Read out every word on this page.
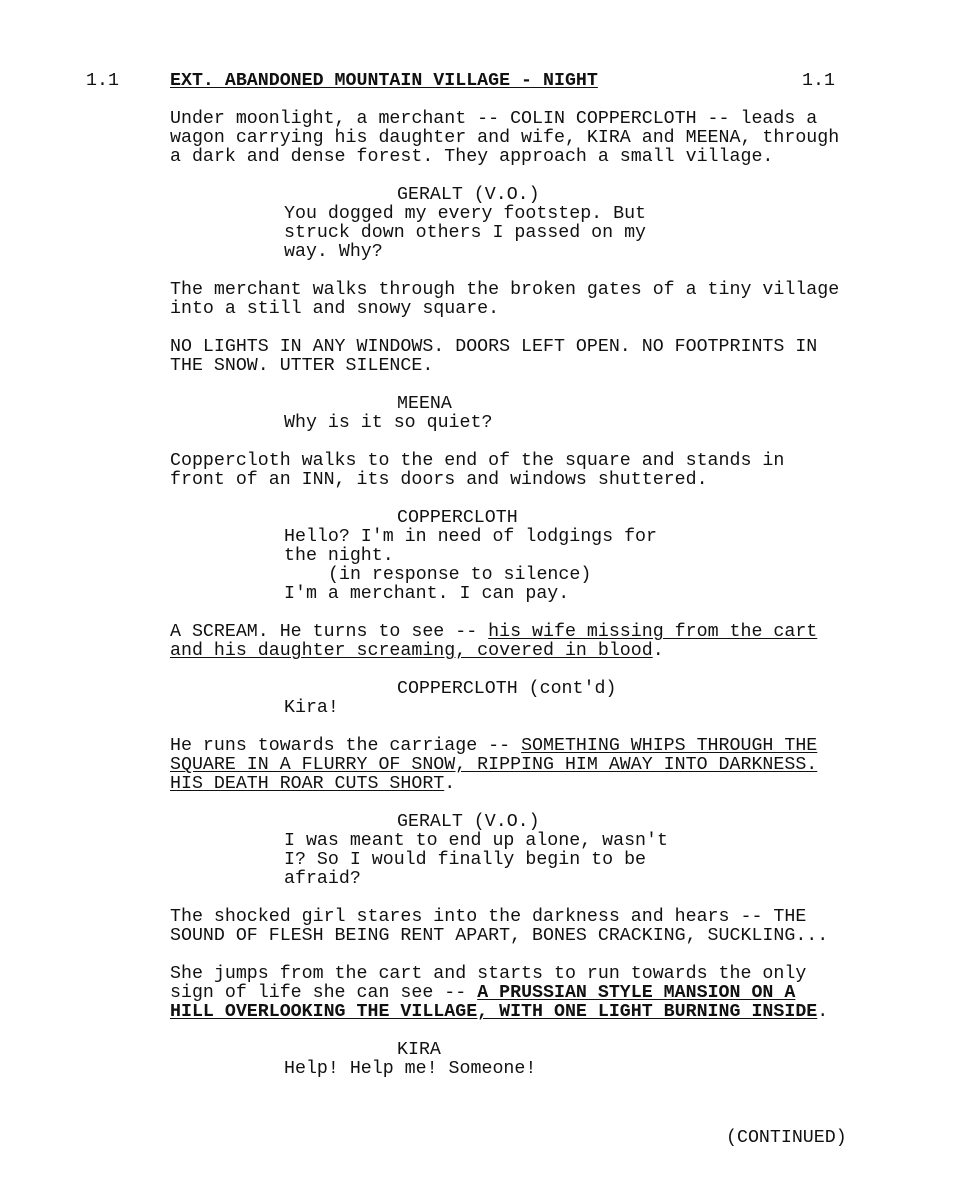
1.1	EXT. ABANDONED MOUNTAIN VILLAGE - NIGHT	1.1
Under moonlight, a merchant -- COLIN COPPERCLOTH -- leads a
wagon carrying his daughter and wife, KIRA and MEENA, through
a dark and dense forest. They approach a small village.
GERALT (V.O.)
You dogged my every footstep. But
struck down others I passed on my
way. Why?
The merchant walks through the broken gates of a tiny village
into a still and snowy square.
NO LIGHTS IN ANY WINDOWS. DOORS LEFT OPEN. NO FOOTPRINTS IN
THE SNOW. UTTER SILENCE.
MEENA
Why is it so quiet?
Coppercloth walks to the end of the square and stands in
front of an INN, its doors and windows shuttered.
COPPERCLOTH
Hello? I'm in need of lodgings for
the night.
(in response to silence)
I'm a merchant. I can pay.
A SCREAM. He turns to see -- his wife missing from the cart
and his daughter screaming, covered in blood.
COPPERCLOTH (cont'd)
Kira!
He runs towards the carriage -- SOMETHING WHIPS THROUGH THE
SQUARE IN A FLURRY OF SNOW, RIPPING HIM AWAY INTO DARKNESS.
HIS DEATH ROAR CUTS SHORT.
GERALT (V.O.)
I was meant to end up alone, wasn't
I? So I would finally begin to be
afraid?
The shocked girl stares into the darkness and hears -- THE
SOUND OF FLESH BEING RENT APART, BONES CRACKING, SUCKLING...
She jumps from the cart and starts to run towards the only
sign of life she can see -- A PRUSSIAN STYLE MANSION ON A
HILL OVERLOOKING THE VILLAGE, WITH ONE LIGHT BURNING INSIDE.
KIRA
Help! Help me! Someone!
(CONTINUED)
